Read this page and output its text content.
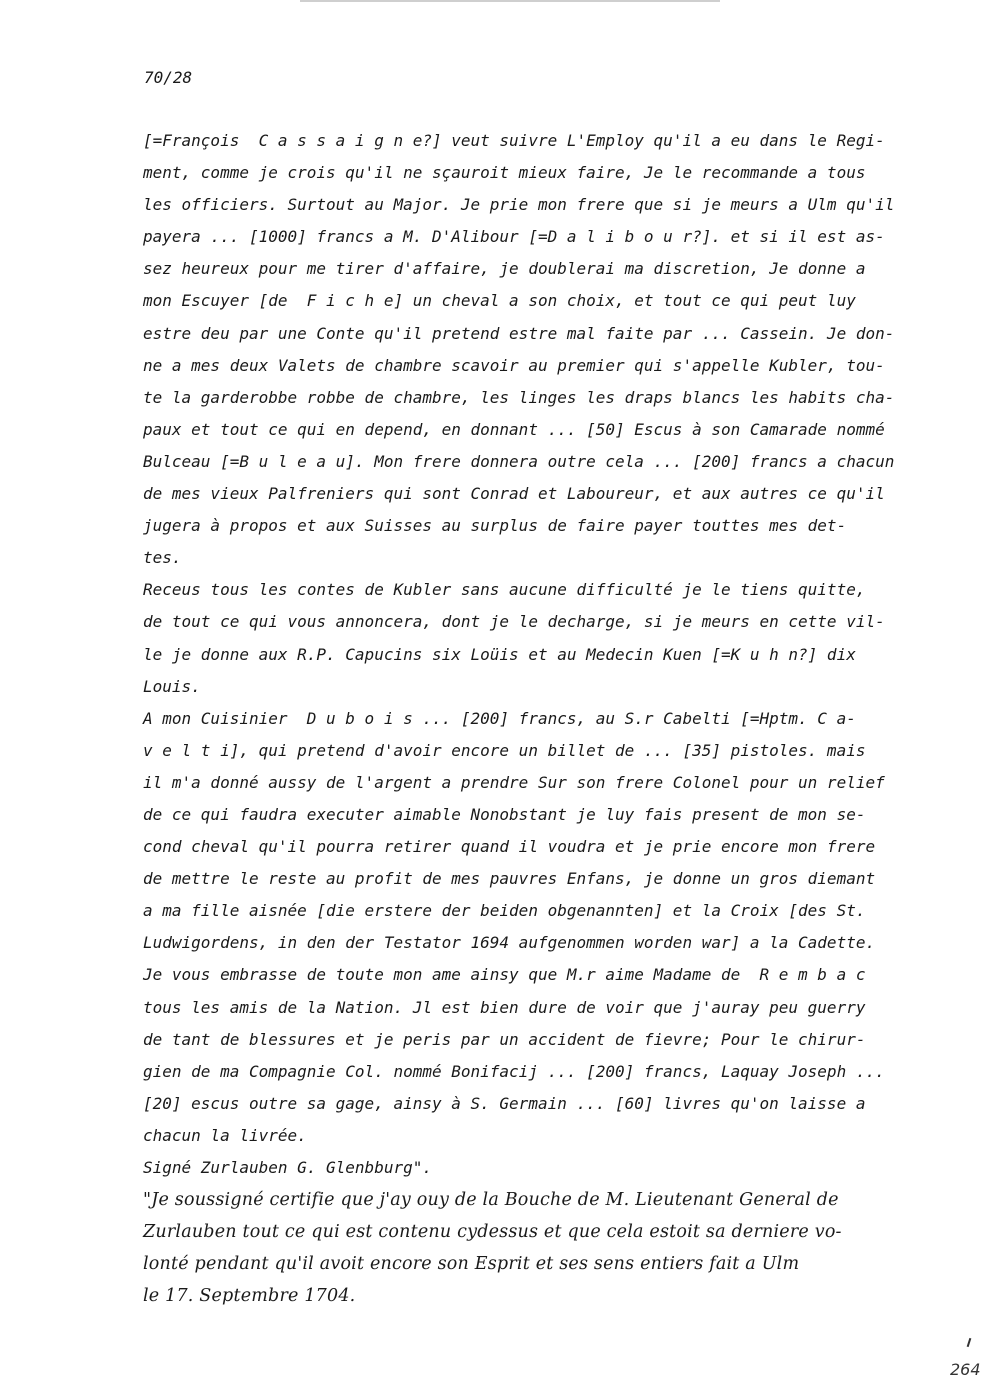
70/28
[=François  C a s s a i g n e?] veut suivre L'Employ qu'il a eu dans le Regi-
ment, comme je crois qu'il ne sçauroit mieux faire, Je le recommande a tous
les officiers. Surtout au Major. Je prie mon frere que si je meurs a Ulm qu'il
payera ... [1000] francs a M. D'Alibour [=D a l i b o u r?]. et si il est as-
sez heureux pour me tirer d'affaire, je doublerai ma discretion, Je donne a
mon Escuyer [de  F i c h e] un cheval a son choix, et tout ce qui peut luy
estre deu par une Conte qu'il pretend estre mal faite par ... Cassein. Je don-
ne a mes deux Valets de chambre scavoir au premier qui s'appelle Kubler, tou-
te la garderobbe robbe de chambre, les linges les draps blancs les habits cha-
paux et tout ce qui en depend, en donnant ... [50] Escus à son Camarade nommé
Bulceau [=B u l e a u]. Mon frere donnera outre cela ... [200] francs a chacun
de mes vieux Palfreniers qui sont Conrad et Laboureur, et aux autres ce qu'il
jugera à propos et aux Suisses au surplus de faire payer touttes mes det-
tes.
Receus tous les contes de Kubler sans aucune difficulté je le tiens quitte,
de tout ce qui vous annoncera, dont je le decharge, si je meurs en cette vil-
le je donne aux R.P. Capucins six Loüis et au Medecin Kuen [=K u h n?] dix
Louis.
A mon Cuisinier  D u b o i s ... [200] francs, au S.r Cabelti [=Hptm. C a-
v e l t i], qui pretend d'avoir encore un billet de ... [35] pistoles. mais
il m'a donné aussy de l'argent a prendre Sur son frere Colonel pour un relief
de ce qui faudra executer aimable Nonobstant je luy fais present de mon se-
cond cheval qu'il pourra retirer quand il voudra et je prie encore mon frere
de mettre le reste au profit de mes pauvres Enfans, je donne un gros diemant
a ma fille aisnée [die erstere der beiden obgenannten] et la Croix [des St.
Ludwigordens, in den der Testator 1694 aufgenommen worden war] a la Cadette.
Je vous embrasse de toute mon ame ainsy que M.r aime Madame de  R e m b a c
tous les amis de la Nation. Jl est bien dure de voir que j'auray peu guerry
de tant de blessures et je peris par un accident de fievre; Pour le chirur-
gien de ma Compagnie Col. nommé Bonifacij ... [200] francs, Laquay Joseph ...
[20] escus outre sa gage, ainsy à S. Germain ... [60] livres qu'on laisse a
chacun la livrée.
Signé Zurlauben G. Glenbburg".
"Je soussigné certifie que j'ay ouy de la Bouche de M. Lieutenant General de
Zurlauben tout ce qui est contenu cydessus et que cela estoit sa derniere vo-
lonté pendant qu'il avoit encore son Esprit et ses sens entiers fait a Ulm
le 17. Septembre 1704.
264
